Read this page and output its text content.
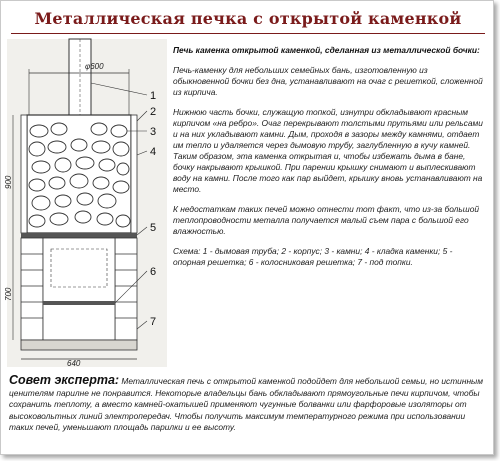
Металлическая печка с открытой каменкой
φ600
640
900
700
1
2
3
4
5
6
7

Печь каменка открытой каменкой, сделанная из металлической бочки:

Печь-каменку для небольших семейных бань, изготовленную из обыкновенной бочки без дна, устанавливают на очаг с решеткой, сложенной из кирпича.

Нижнюю часть бочки, служащую топкой, изнутри обкладывают красным кирпичом «на ребро». Очаг перекрывают толстыми прутьями или рельсами и на них укладывают камни. Дым, проходя в зазоры между камнями, отдает им тепло и удаляется через дымовую трубу, заглубленную в кучу камней. Таким образом, эта каменка открытая и, чтобы избежать дыма в бане, бочку накрывают крышкой. При парении крышку снимают и выплескивают воду на камни. После того как пар выйдет, крышку вновь устанавливают на место.

К недостаткам таких печей можно отнести тот факт, что из-за большой теплопроводности металла получается малый съем пара с большой его влажностью.

Схема: 1 - дымовая труба; 2 - корпус; 3 - камни; 4 - кладка каменки; 5 - опорная решетка; 6 - колосниковая решетка; 7 - под топки.

Совет эксперта: Металлическая печь с открытой каменкой подойдет для небольшой семьи, но истинным ценителям парилне не понравится. Некоторые владельцы бань обкладывают прямоугольные печи кирпичом, чтобы сохранить теплоту, а вместо камней-окатышей применяют чугунные болванки или фарфоровые изоляторы от высоковольтных линий электропередач. Чтобы получить максимум температурного режима при использовании таких печей, уменьшают площадь парилки и ее высоту.
